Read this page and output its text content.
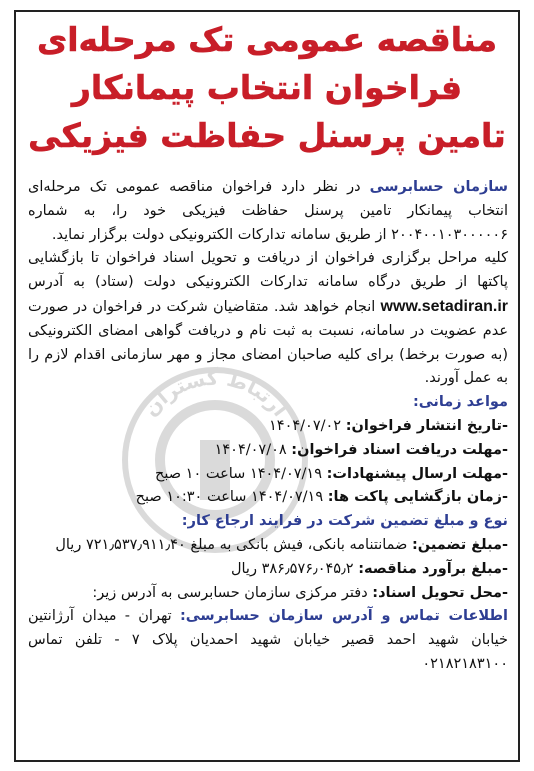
ارتباط گستران
مناقصه عمومی تک مرحله‌ای
فراخوان انتخاب پیمانکار
تامین پرسنل حفاظت فیزیکی

سازمان حسابرسی در نظر دارد فراخوان مناقصه عمومی تک مرحله‌ای انتخاب پیمانکار تامین پرسنل حفاظت فیزیکی خود را، به شماره ۲۰۰۴۰۰۱۰۳۰۰۰۰۰۶ از طریق سامانه تدارکات الکترونیکی دولت برگزار نماید.

کلیه مراحل برگزاری فراخوان از دریافت و تحویل اسناد فراخوان تا بازگشایی پاکتها از طریق درگاه سامانه تدارکات الکترونیکی دولت (ستاد) به آدرس www.setadiran.ir انجام خواهد شد. متقاضیان شرکت در فراخوان در صورت عدم عضویت در سامانه، نسبت به ثبت نام و دریافت گواهی امضای الکترونیکی (به صورت برخط) برای کلیه صاحبان امضای مجاز و مهر سازمانی اقدام لازم را به عمل آورند.

مواعد زمانی:

-تاریخ انتشار فراخوان: ۱۴۰۴/۰۷/۰۲

-مهلت دریافت اسناد فراخوان: ۱۴۰۴/۰۷/۰۸

-مهلت ارسال پیشنهادات: ۱۴۰۴/۰۷/۱۹ ساعت ۱۰ صبح

-زمان بازگشایی پاکت ها: ۱۴۰۴/۰۷/۱۹ ساعت ۱۰:۳۰ صبح

نوع و مبلغ تضمین شرکت در فرایند ارجاع کار:

-مبلغ تضمین: ضمانتنامه بانکی، فیش بانکی به مبلغ ۷۲۱٫۵۳۷٫۹۱۱٫۴۰ ریال

-مبلغ برآورد مناقصه: ۳۸۶٫۵۷۶٫۰۴۵٫۲ ریال

-محل تحویل اسناد: دفتر مرکزی سازمان حسابرسی به آدرس زیر:

اطلاعات تماس و آدرس سازمان حسابرسی: تهران - میدان آرژانتین خیابان شهید احمد قصیر خیابان شهید احمدیان پلاک ۷ - تلفن تماس ۰۲۱۸۲۱۸۳۱۰۰
